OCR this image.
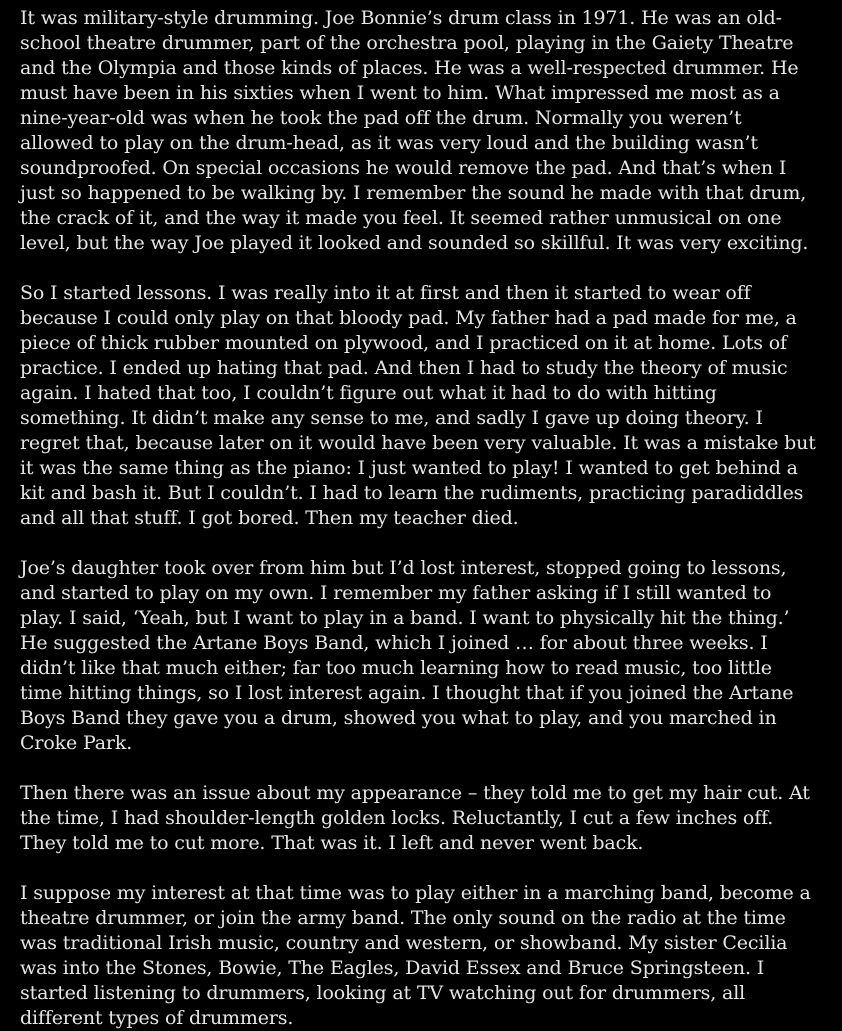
It was military-style drumming. Joe Bonnie’s drum class in 1971. He was an old-school theatre drummer, part of the orchestra pool, playing in the Gaiety Theatre and the Olympia and those kinds of places. He was a well-respected drummer. He must have been in his sixties when I went to him. What impressed me most as a nine-year-old was when he took the pad off the drum. Normally you weren’t allowed to play on the drum-head, as it was very loud and the building wasn’t soundproofed. On special occasions he would remove the pad. And that’s when I just so happened to be walking by. I remember the sound he made with that drum, the crack of it, and the way it made you feel. It seemed rather unmusical on one level, but the way Joe played it looked and sounded so skillful. It was very exciting.

So I started lessons. I was really into it at first and then it started to wear off because I could only play on that bloody pad. My father had a pad made for me, a piece of thick rubber mounted on plywood, and I practiced on it at home. Lots of practice. I ended up hating that pad. And then I had to study the theory of music again. I hated that too, I couldn’t figure out what it had to do with hitting something. It didn’t make any sense to me, and sadly I gave up doing theory. I regret that, because later on it would have been very valuable. It was a mistake but it was the same thing as the piano: I just wanted to play! I wanted to get behind a kit and bash it. But I couldn’t. I had to learn the rudiments, practicing paradiddles and all that stuff. I got bored. Then my teacher died.

Joe’s daughter took over from him but I’d lost interest, stopped going to lessons, and started to play on my own. I remember my father asking if I still wanted to play. I said, ‘Yeah, but I want to play in a band. I want to physically hit the thing.’ He suggested the Artane Boys Band, which I joined … for about three weeks. I didn’t like that much either; far too much learning how to read music, too little time hitting things, so I lost interest again. I thought that if you joined the Artane Boys Band they gave you a drum, showed you what to play, and you marched in Croke Park.

Then there was an issue about my appearance – they told me to get my hair cut. At the time, I had shoulder-length golden locks. Reluctantly, I cut a few inches off. They told me to cut more. That was it. I left and never went back.

I suppose my interest at that time was to play either in a marching band, become a theatre drummer, or join the army band. The only sound on the radio at the time was traditional Irish music, country and western, or showband. My sister Cecilia was into the Stones, Bowie, The Eagles, David Essex and Bruce Springsteen. I started listening to drummers, looking at TV watching out for drummers, all different types of drummers.
